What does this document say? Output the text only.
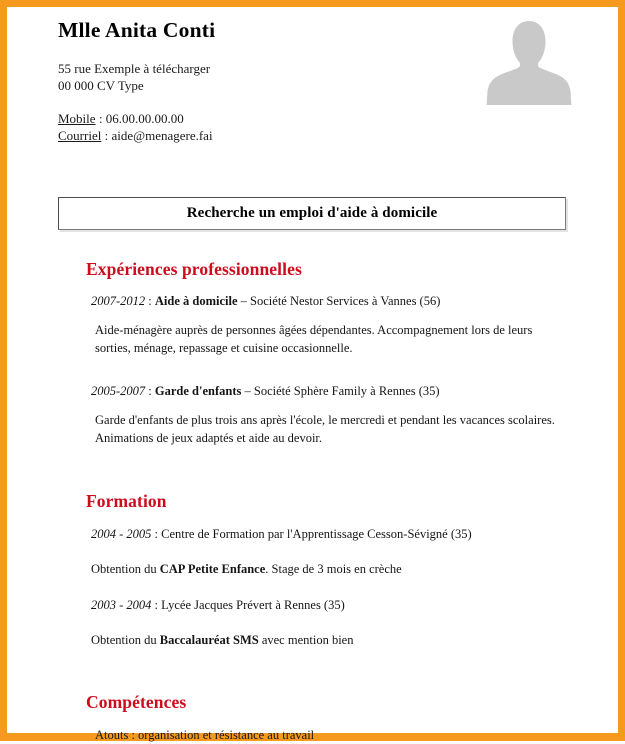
Mlle Anita Conti
55 rue Exemple à télécharger
00 000 CV Type
Mobile : 06.00.00.00.00
Courriel : aide@menagere.fai
Recherche un emploi d'aide à domicile
Expériences professionnelles
2007-2012 : Aide à domicile – Société Nestor Services à Vannes (56)
Aide-ménagère auprès de personnes âgées dépendantes. Accompagnement lors de leurs sorties, ménage, repassage et cuisine occasionnelle.
2005-2007 : Garde d'enfants – Société Sphère Family à Rennes (35)
Garde d'enfants de plus trois ans après l'école, le mercredi et pendant les vacances scolaires. Animations de jeux adaptés et aide au devoir.
Formation
2004 - 2005 : Centre de Formation par l'Apprentissage Cesson-Sévigné (35)
Obtention du CAP Petite Enfance. Stage de 3 mois en crèche
2003 - 2004 : Lycée Jacques Prévert à Rennes (35)
Obtention du Baccalauréat SMS avec mention bien
Compétences
Atouts : organisation et résistance au travail
